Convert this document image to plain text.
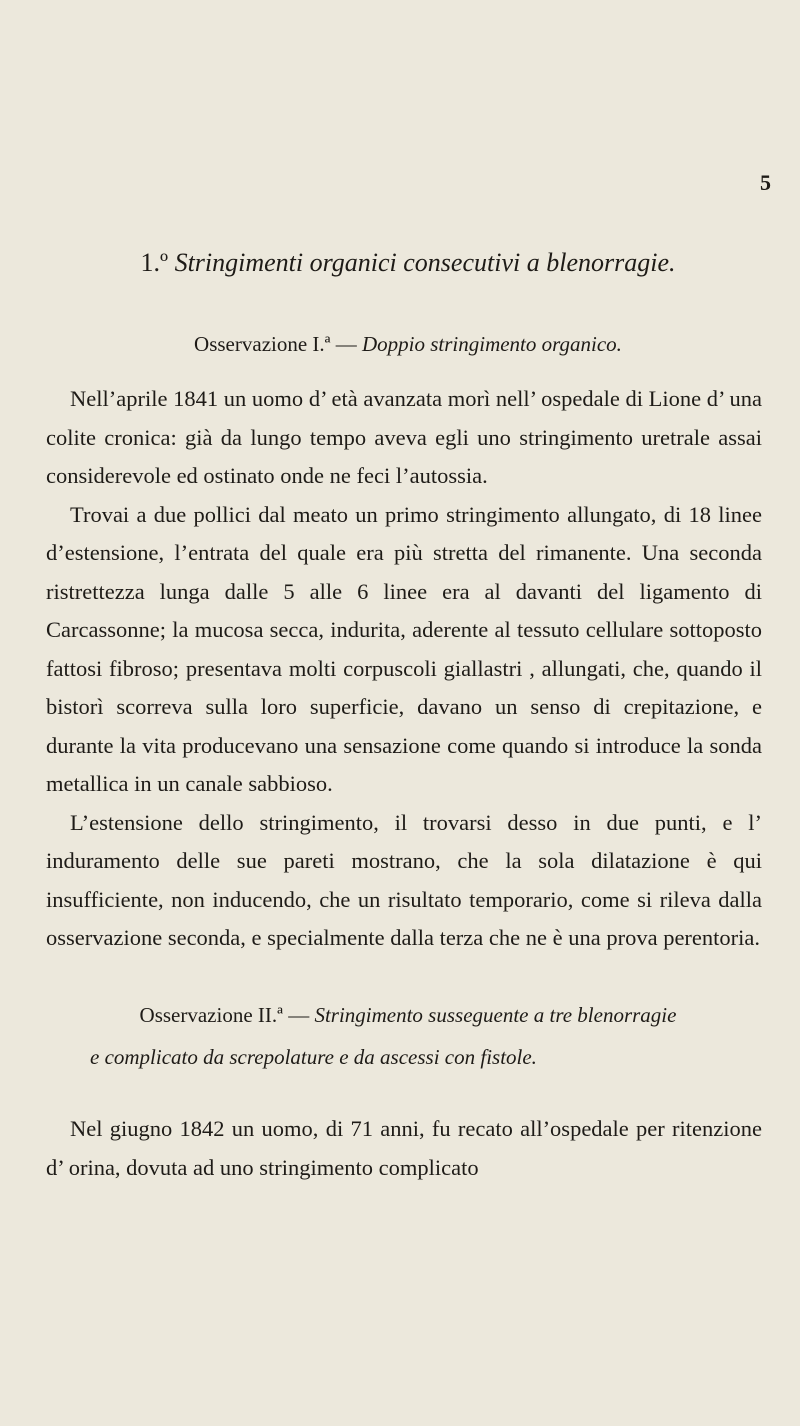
5
1.º Stringimenti organici consecutivi a blenorragie.
Osservazione I.ª — Doppio stringimento organico.

Nell’aprile 1841 un uomo d’ età avanzata morì nell’ ospedale di Lione d’ una colite cronica: già da lungo tempo aveva egli uno stringimento uretrale assai considerevole ed ostinato onde ne feci l’autossia.

Trovai a due pollici dal meato un primo stringimento allungato, di 18 linee d’estensione, l’entrata del quale era più stretta del rimanente. Una seconda ristrettezza lunga dalle 5 alle 6 linee era al davanti del ligamento di Carcassonne; la mucosa secca, indurita, aderente al tessuto cellulare sottoposto fattosi fibroso; presentava molti corpuscoli giallastri , allungati, che, quando il bistorì scorreva sulla loro superficie, davano un senso di crepitazione, e durante la vita producevano una sensazione come quando si introduce la sonda metallica in un canale sabbioso.

L’estensione dello stringimento, il trovarsi desso in due punti, e l’ induramento delle sue pareti mostrano, che la sola dilatazione è qui insufficiente, non inducendo, che un risultato temporario, come si rileva dalla osservazione seconda, e specialmente dalla terza che ne è una prova perentoria.

Osservazione II.ª — Stringimento susseguente a tre blenorragie
e complicato da screpolature e da ascessi con fistole.

Nel giugno 1842 un uomo, di 71 anni, fu recato all’ospedale per ritenzione d’ orina, dovuta ad uno stringimento complicato
